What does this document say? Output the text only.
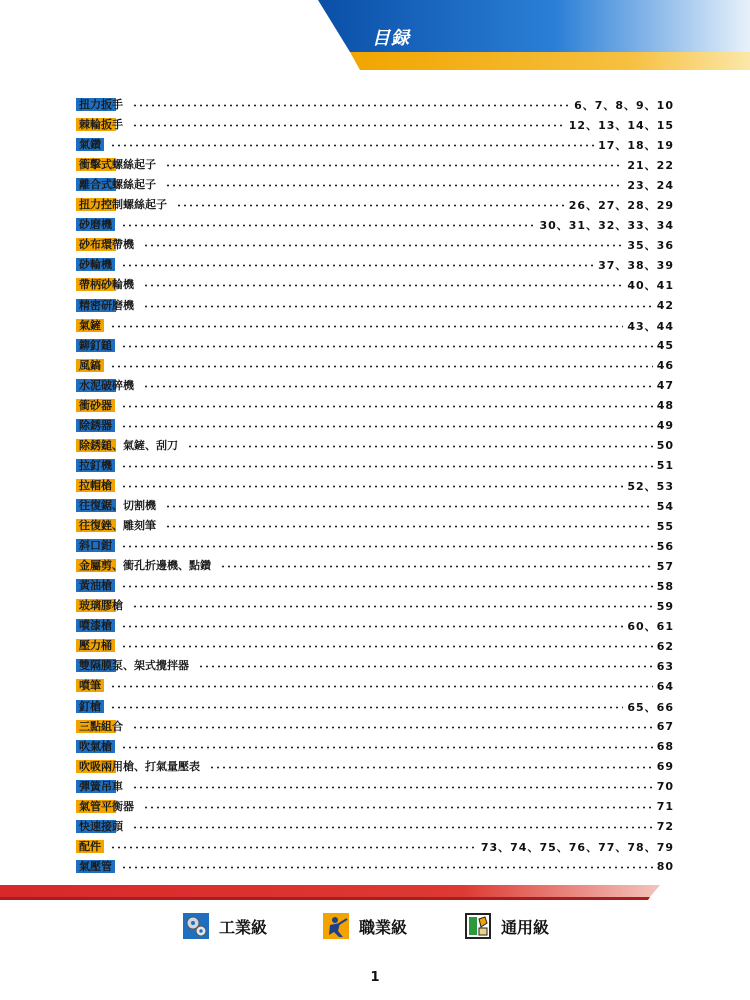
目録
扭力扳手	6、7、8、9、10
棘輪扳手	12、13、14、15
氣鑽	17、18、19
衝擊式螺絲起子	21、22
離合式螺絲起子	23、24
扭力控制螺絲起子	26、27、28、29
砂磨機	30、31、32、33、34
砂布環帶機	35、36
砂輪機	37、38、39
帶柄砂輪機	40、41
精密研磨機	42
氣鏟	43、44
鉚釘鎚	45
風鎬	46
水泥破碎機	47
衝砂器	48
除銹器	49
除銹鎚、氣鏟、刮刀	50
拉釘機	51
拉帽槍	52、53
往復鋸、切割機	54
往復銼、雕刻筆	55
斜口鉗	56
金屬剪、衝孔折邊機、點鑽	57
黃油槍	58
玻璃膠槍	59
噴漆槍	60、61
壓力桶	62
雙隔膜泵、架式攪拌器	63
噴筆	64
釘槍	65、66
三點組合	67
吹氣槍	68
吹吸兩用槍、打氣量壓表	69
彈簧吊車	70
氣管平衡器	71
快速接頭	72
配件	73、74、75、76、77、78、79
氣壓管	80
工業級	職業級	通用級
1
